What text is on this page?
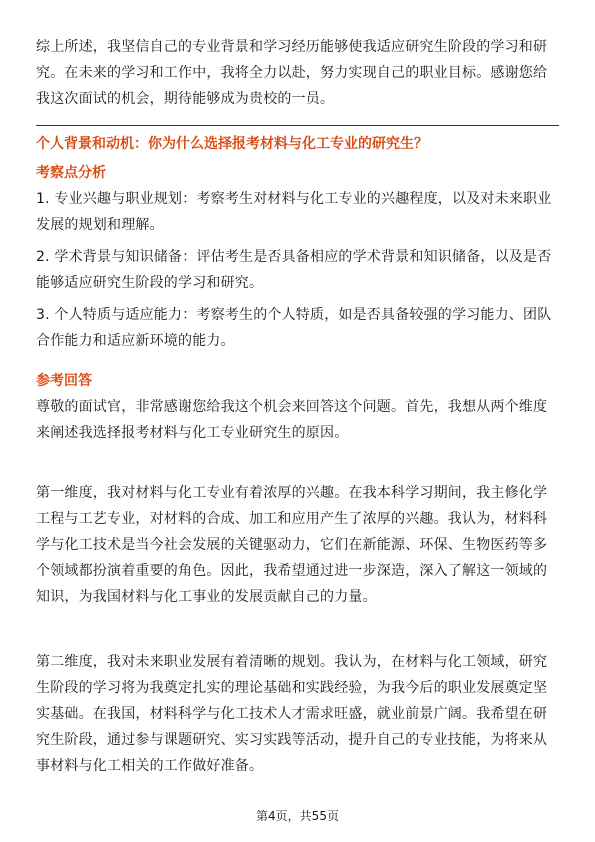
综上所述，我坚信自己的专业背景和学习经历能够使我适应研究生阶段的学习和研究。在未来的学习和工作中，我将全力以赴，努力实现自己的职业目标。感谢您给我这次面试的机会，期待能够成为贵校的一员。

个人背景和动机：你为什么选择报考材料与化工专业的研究生？

考察点分析

1. 专业兴趣与职业规划：考察考生对材料与化工专业的兴趣程度，以及对未来职业发展的规划和理解。
2. 学术背景与知识储备：评估考生是否具备相应的学术背景和知识储备，以及是否能够适应研究生阶段的学习和研究。
3. 个人特质与适应能力：考察考生的个人特质，如是否具备较强的学习能力、团队合作能力和适应新环境的能力。

参考回答

尊敬的面试官，非常感谢您给我这个机会来回答这个问题。首先，我想从两个维度来阐述我选择报考材料与化工专业研究生的原因。

第一维度，我对材料与化工专业有着浓厚的兴趣。在我本科学习期间，我主修化学工程与工艺专业，对材料的合成、加工和应用产生了浓厚的兴趣。我认为，材料科学与化工技术是当今社会发展的关键驱动力，它们在新能源、环保、生物医药等多个领域都扮演着重要的角色。因此，我希望通过进一步深造，深入了解这一领域的知识，为我国材料与化工事业的发展贡献自己的力量。

第二维度，我对未来职业发展有着清晰的规划。我认为，在材料与化工领域，研究生阶段的学习将为我奠定扎实的理论基础和实践经验，为我今后的职业发展奠定坚实基础。在我国，材料科学与化工技术人才需求旺盛，就业前景广阔。我希望在研究生阶段，通过参与课题研究、实习实践等活动，提升自己的专业技能，为将来从事材料与化工相关的工作做好准备。

第4页，共55页
